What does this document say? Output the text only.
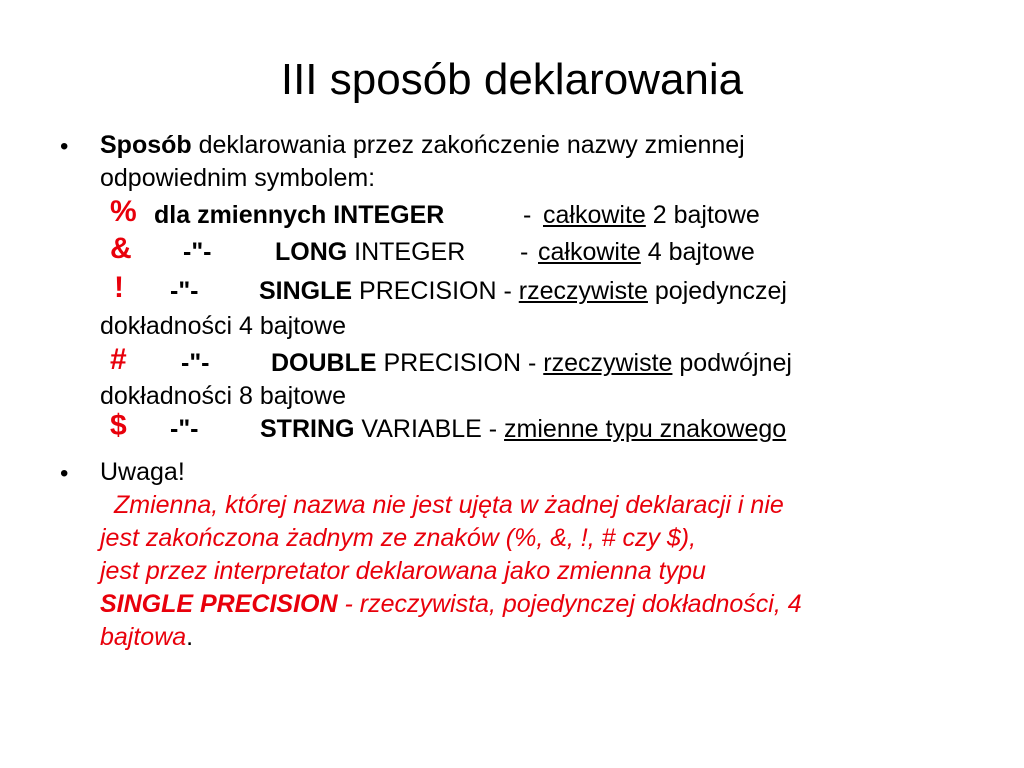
III sposób deklarowania
• Sposób deklarowania przez zakończenie nazwy zmiennej
odpowiednim symbolem:
% dla zmiennych INTEGER	- całkowite 2 bajtowe
& -"-	LONG INTEGER - całkowite 4 bajtowe
! -"- SINGLE PRECISION - rzeczywiste pojedynczej
dokładności 4 bajtowe
# -"- DOUBLE PRECISION - rzeczywiste podwójnej
dokładności 8 bajtowe
$ -"- STRING VARIABLE - zmienne typu znakowego
• Uwaga!
Zmienna, której nazwa nie jest ujęta w żadnej deklaracji i nie
jest zakończona żadnym ze znaków (%, &, !, # czy $),
jest przez interpretator deklarowana jako zmienna typu
SINGLE PRECISION - rzeczywista, pojedynczej dokładności, 4
bajtowa.
